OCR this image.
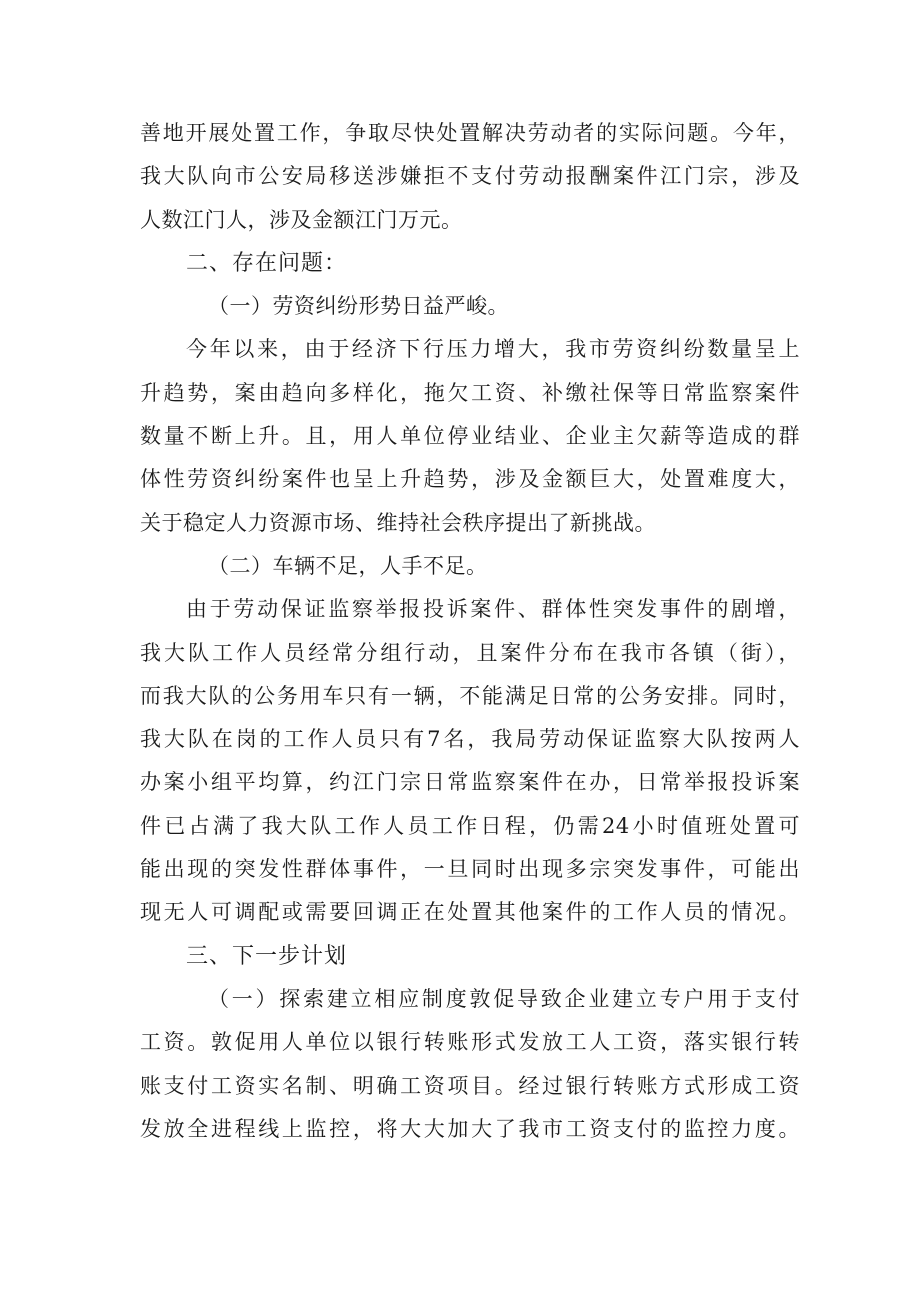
善地开展处置工作，争取尽快处置解决劳动者的实际问题。今年，
我大队向市公安局移送涉嫌拒不支付劳动报酬案件江门宗，涉及
人数江门人，涉及金额江门万元。
二、存在问题：
（一）劳资纠纷形势日益严峻。
今年以来，由于经济下行压力增大，我市劳资纠纷数量呈上
升趋势，案由趋向多样化，拖欠工资、补缴社保等日常监察案件
数量不断上升。且，用人单位停业结业、企业主欠薪等造成的群
体性劳资纠纷案件也呈上升趋势，涉及金额巨大，处置难度大，
关于稳定人力资源市场、维持社会秩序提出了新挑战。
（二）车辆不足，人手不足。
由于劳动保证监察举报投诉案件、群体性突发事件的剧增，
我大队工作人员经常分组行动，且案件分布在我市各镇（街），
而我大队的公务用车只有一辆，不能满足日常的公务安排。同时，
我大队在岗的工作人员只有7名，我局劳动保证监察大队按两人
办案小组平均算，约江门宗日常监察案件在办，日常举报投诉案
件已占满了我大队工作人员工作日程，仍需24小时值班处置可
能出现的突发性群体事件，一旦同时出现多宗突发事件，可能出
现无人可调配或需要回调正在处置其他案件的工作人员的情况。
三、下一步计划
（一）探索建立相应制度敦促导致企业建立专户用于支付
工资。敦促用人单位以银行转账形式发放工人工资，落实银行转
账支付工资实名制、明确工资项目。经过银行转账方式形成工资
发放全进程线上监控，将大大加大了我市工资支付的监控力度。
